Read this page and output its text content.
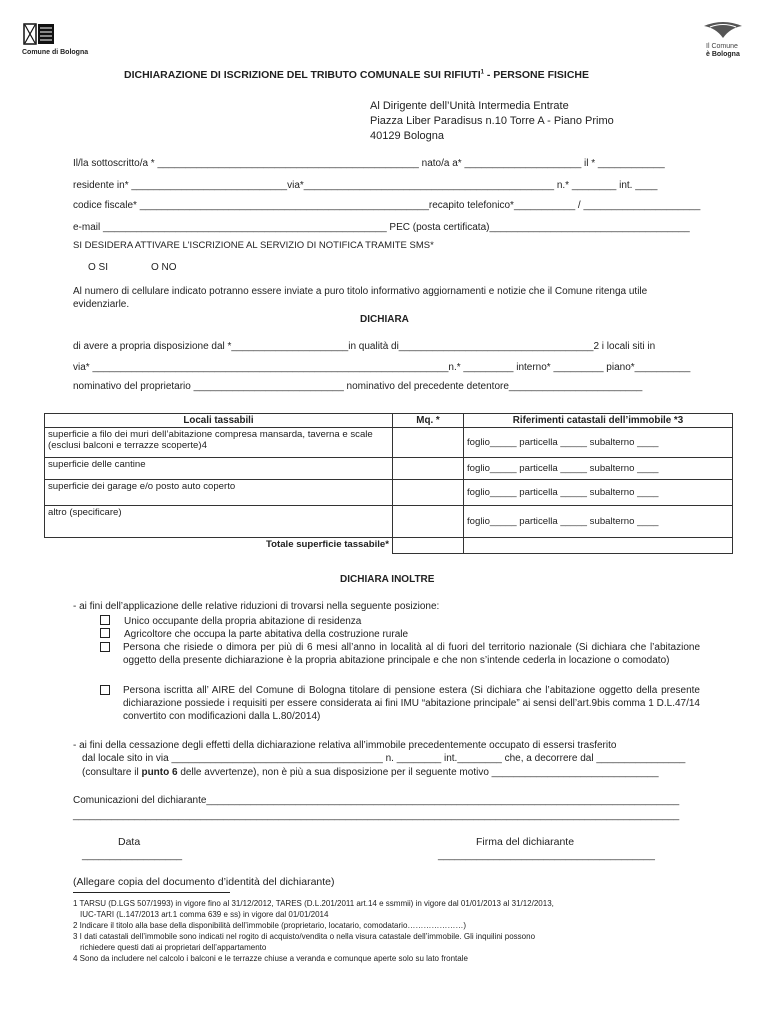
Comune di Bologna
Il Comune
è Bologna
DICHIARAZIONE DI ISCRIZIONE DEL TRIBUTO COMUNALE SUI RIFIUTI$^1$ - PERSONE FISICHE
Al Dirigente dell’Unità Intermedia Entrate
Piazza Liber Paradisus n.10 Torre A - Piano Primo
40129 Bologna
Il/la sottoscritto/a * _______________________________________________ nato/a a* _____________________ il * ____________
residente in* ____________________________via*_____________________________________________ n.* ________ int. ____
codice fiscale* ____________________________________________________recapito telefonico*___________ / _____________________
e-mail ___________________________________________________ PEC (posta certificata)____________________________________
SI DESIDERA ATTIVARE L'ISCRIZIONE AL SERVIZIO DI NOTIFICA TRAMITE SMS*
O SI	O NO
Al numero di cellulare indicato potranno essere inviate a puro titolo informativo aggiornamenti e notizie che il Comune ritenga utile evidenziarle.
DICHIARA
di avere a propria disposizione dal *_____________________in qualità di___________________________________2 i locali siti in
via* ________________________________________________________________n.* _________ interno* _________ piano*__________
nominativo del proprietario ___________________________ nominativo del precedente detentore________________________
Locali tassabili	Mq. *	Riferimenti catastali dell’immobile *3
superficie a filo dei muri dell’abitazione compresa mansarda, taverna e scale (esclusi balconi e terrazze scoperte)4		foglio_____ particella _____ subalterno ____
superficie delle cantine		foglio_____ particella _____ subalterno ____
superficie dei garage e/o posto auto coperto		foglio_____ particella _____ subalterno ____
altro (specificare)		foglio_____ particella _____ subalterno ____
Totale superficie tassabile*		
DICHIARA INOLTRE
- ai fini dell’applicazione delle relative riduzioni di trovarsi nella seguente posizione:
Unico occupante della propria abitazione di residenza
Agricoltore che occupa la parte abitativa della costruzione rurale
Persona che risiede o dimora per più di 6 mesi all’anno in località al di fuori del territorio nazionale (Si dichiara che l’abitazione oggetto della presente dichiarazione è la propria abitazione principale e che non s’intende cederla in locazione o comodato)
Persona iscritta all’ AIRE del Comune di Bologna titolare di pensione estera (Si dichiara che l’abitazione oggetto della presente dichiarazione possiede i requisiti per essere considerata ai fini IMU “abitazione principale” ai sensi dell’art.9bis comma 1 D.L.47/14 convertito con modificazioni dalla L.80/2014)
- ai fini della cessazione degli effetti della dichiarazione relativa all’immobile precedentemente occupato di essersi trasferito
dal locale sito in via ______________________________________ n. ________ int.________ che, a decorrere dal ________________
(consultare il punto 6 delle avvertenze), non è più a sua disposizione per il seguente motivo ______________________________
Comunicazioni del dichiarante_____________________________________________________________________________________
_____________________________________________________________________________________________________________
Data
__________________
Firma del dichiarante
_______________________________________
(Allegare copia del documento d’identità del dichiarante)
1 TARSU (D.LGS 507/1993) in vigore fino al 31/12/2012, TARES (D.L.201/2011 art.14 e ssmmii) in vigore dal 01/01/2013 al 31/12/2013,
IUC-TARI (L.147/2013 art.1 comma 639 e ss) in vigore dal 01/01/2014
2 Indicare il titolo alla base della disponibilità dell’immobile (proprietario, locatario, comodatario…………………)
3 I dati catastali dell’immobile sono indicati nel rogito di acquisto/vendita o nella visura catastale dell’immobile. Gli inquilini possono
richiedere questi dati ai proprietari dell’appartamento
4 Sono da includere nel calcolo i balconi e le terrazze chiuse a veranda e comunque aperte solo su lato frontale
